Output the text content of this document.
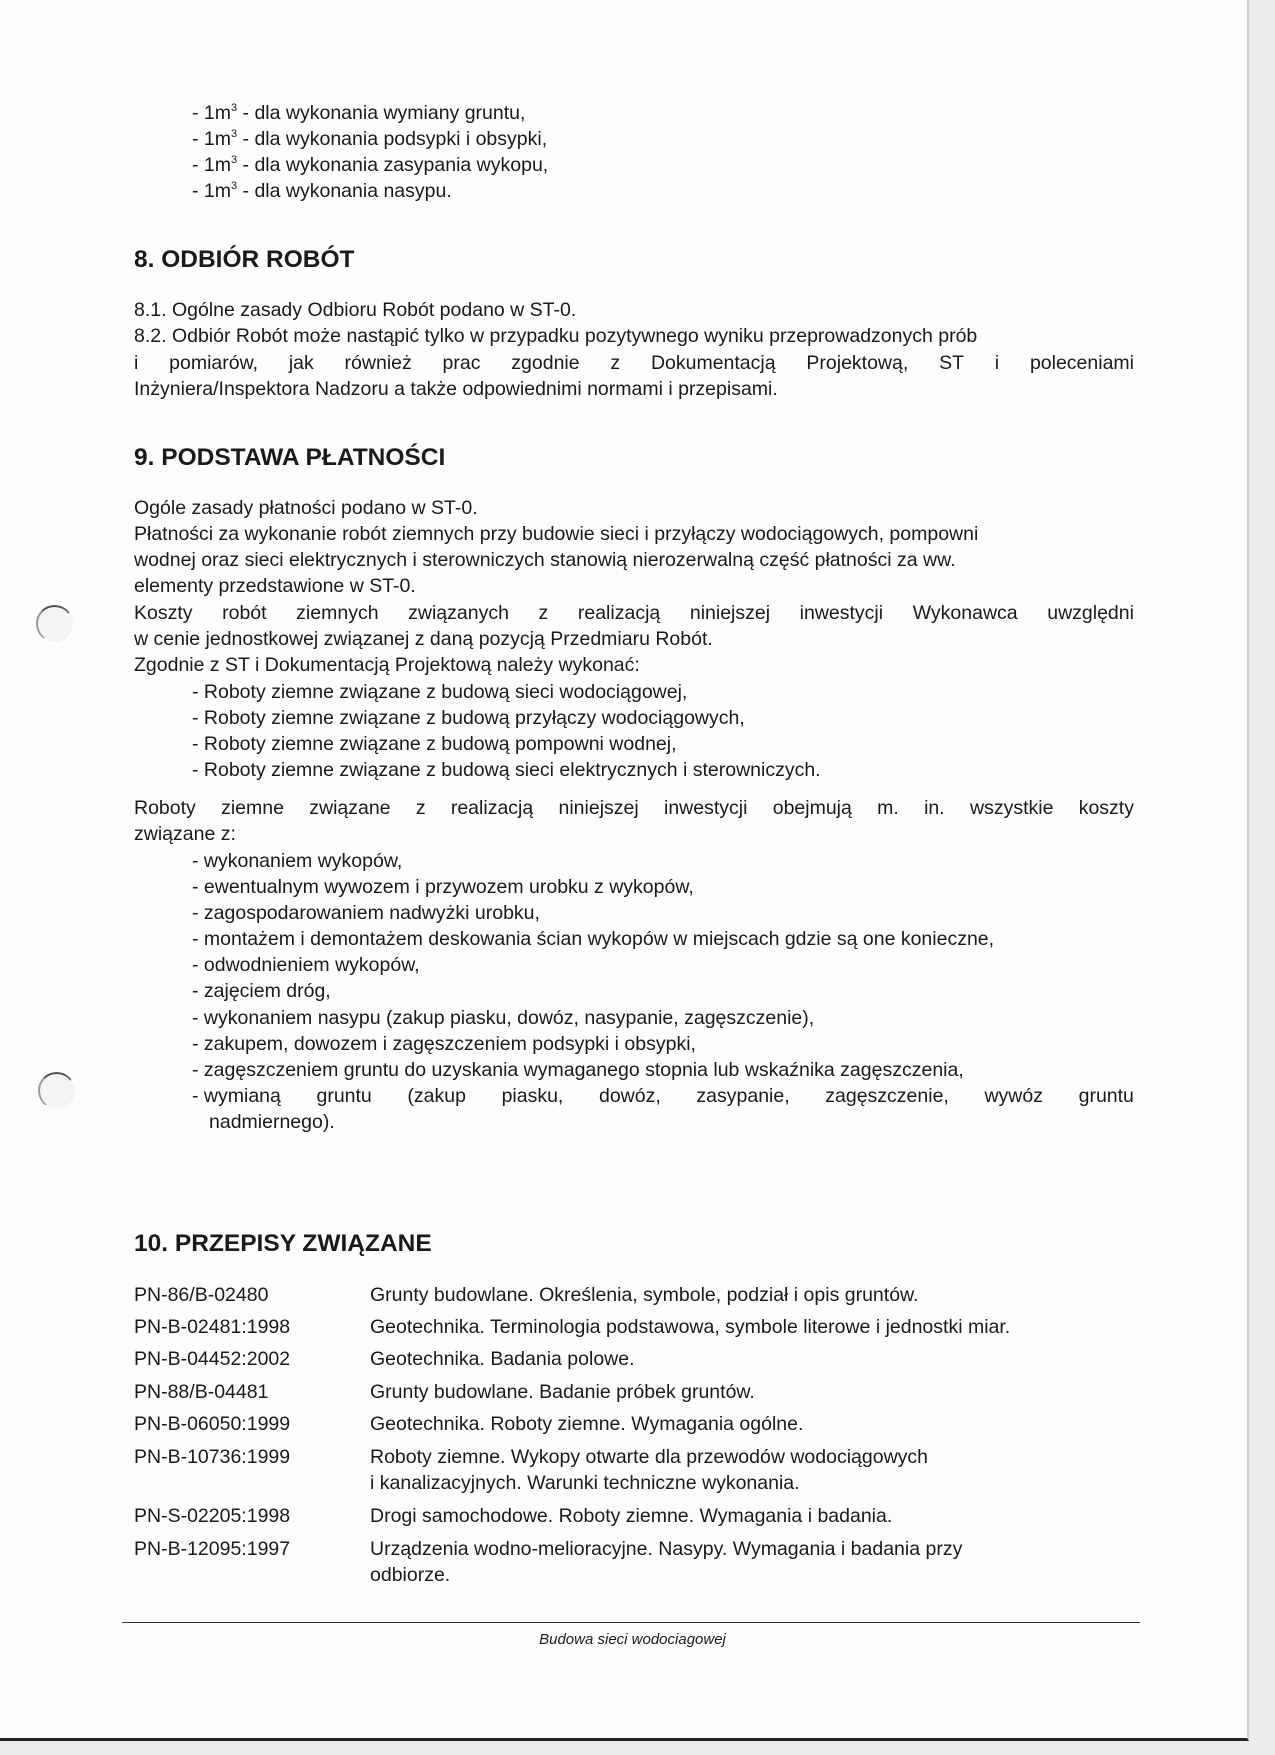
- $1m^3$ - dla wykonania wymiany gruntu,
- $1m^3$ - dla wykonania podsypki i obsypki,
- $1m^3$ - dla wykonania zasypania wykopu,
- $1m^3$ - dla wykonania nasypu.
8. ODBIÓR ROBÓT
8.1. Ogólne zasady Odbioru Robót podano w ST-0.
8.2. Odbiór Robót może nastąpić tylko w przypadku pozytywnego wyniku przeprowadzonych prób
i pomiarów, jak również prac zgodnie z Dokumentacją Projektową, ST i poleceniami
Inżyniera/Inspektora Nadzoru a także odpowiednimi normami i przepisami.
9. PODSTAWA PŁATNOŚCI
Ogóle zasady płatności podano w ST-0.
Płatności za wykonanie robót ziemnych przy budowie sieci i przyłączy wodociągowych, pompowni
wodnej oraz sieci elektrycznych i sterowniczych stanowią nierozerwalną część płatności za ww.
elementy przedstawione w ST-0.
Koszty robót ziemnych związanych z realizacją niniejszej inwestycji Wykonawca uwzględni
w cenie jednostkowej związanej z daną pozycją Przedmiaru Robót.
Zgodnie z ST i Dokumentacją Projektową należy wykonać:
- Roboty ziemne związane z budową sieci wodociągowej,
- Roboty ziemne związane z budową przyłączy wodociągowych,
- Roboty ziemne związane z budową pompowni wodnej,
- Roboty ziemne związane z budową sieci elektrycznych i sterowniczych.
Roboty ziemne związane z realizacją niniejszej inwestycji obejmują m. in. wszystkie koszty
związane z:
- wykonaniem wykopów,
- ewentualnym wywozem i przywozem urobku z wykopów,
- zagospodarowaniem nadwyżki urobku,
- montażem i demontażem deskowania ścian wykopów w miejscach gdzie są one konieczne,
- odwodnieniem wykopów,
- zajęciem dróg,
- wykonaniem nasypu (zakup piasku, dowóz, nasypanie, zagęszczenie),
- zakupem, dowozem i zagęszczeniem podsypki i obsypki,
- zagęszczeniem gruntu do uzyskania wymaganego stopnia lub wskaźnika zagęszczenia,
- wymianą gruntu (zakup piasku, dowóz, zasypanie, zagęszczenie, wywóz gruntu
nadmiernego).
10. PRZEPISY ZWIĄZANE
PN-86/B-02480	Grunty budowlane. Określenia, symbole, podział i opis gruntów.
PN-B-02481:1998	Geotechnika. Terminologia podstawowa, symbole literowe i jednostki miar.
PN-B-04452:2002	Geotechnika. Badania polowe.
PN-88/B-04481	Grunty budowlane. Badanie próbek gruntów.
PN-B-06050:1999	Geotechnika. Roboty ziemne. Wymagania ogólne.
PN-B-10736:1999	Roboty ziemne. Wykopy otwarte dla przewodów wodociągowych
i kanalizacyjnych. Warunki techniczne wykonania.
PN-S-02205:1998	Drogi samochodowe. Roboty ziemne. Wymagania i badania.
PN-B-12095:1997	Urządzenia wodno-melioracyjne. Nasypy. Wymagania i badania przy
odbiorze.
Budowa sieci wodociagowej
